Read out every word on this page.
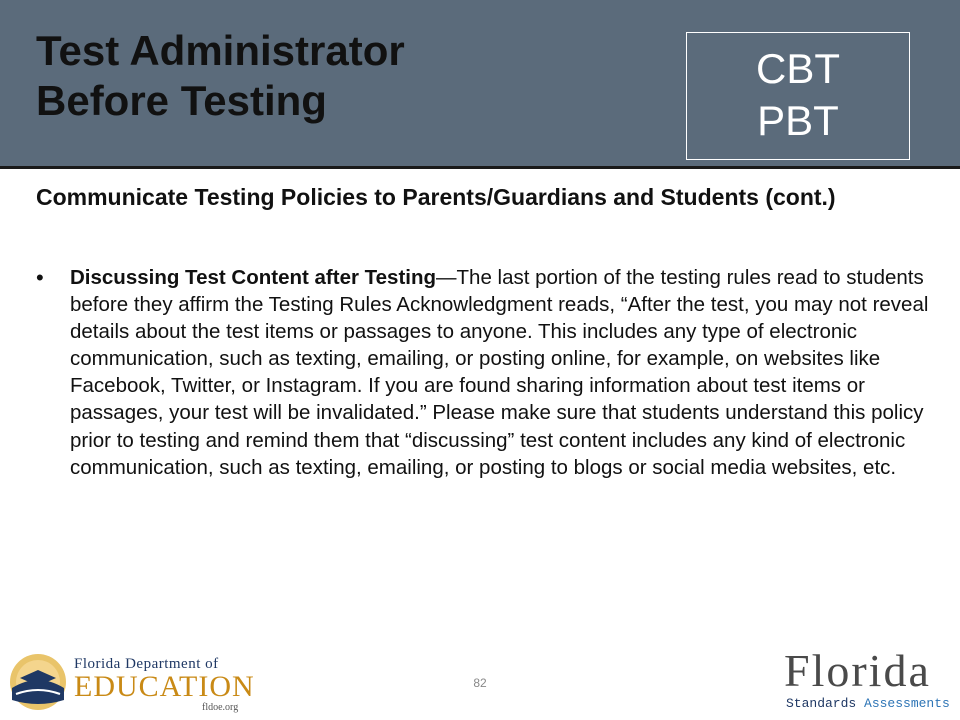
Test Administrator
Before Testing
CBT
PBT
Communicate Testing Policies to Parents/Guardians and Students (cont.)
• Discussing Test Content after Testing—The last portion of the testing rules read to students before they affirm the Testing Rules Acknowledgment reads, “After the test, you may not reveal details about the test items or passages to anyone. This includes any type of electronic communication, such as texting, emailing, or posting online, for example, on websites like Facebook, Twitter, or Instagram. If you are found sharing information about test items or passages, your test will be invalidated.” Please make sure that students understand this policy prior to testing and remind them that “discussing” test content includes any kind of electronic communication, such as texting, emailing, or posting to blogs or social media websites, etc.
82
Florida Department of
EDUCATION
fldoe.org
Florida
Standards Assessments
